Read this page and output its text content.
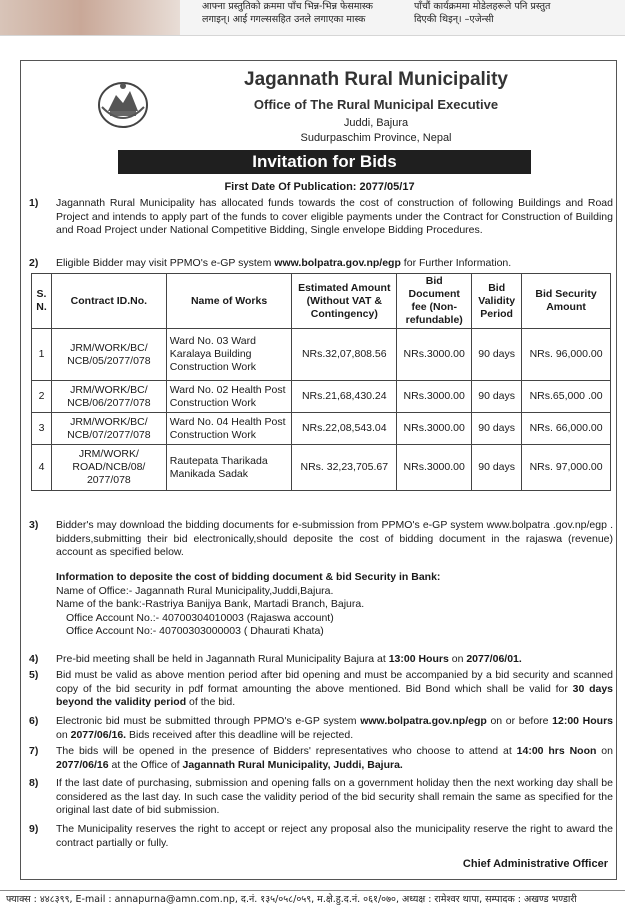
आफ्ना प्रस्तुतिको क्रममा पाँच भिन्न-भिन्न फेसमास्क
लगाइन्। आई गगल्ससहित उनले लगाएका मास्क
पाँचौं कार्यक्रममा मोडेलहरूले पनि प्रस्तुत
दिएकी थिइन्। –एजेन्सी
Jagannath Rural Municipality
Office of The Rural Municipal Executive
Juddi, Bajura
Sudurpaschim Province, Nepal
Invitation for Bids
First Date Of Publication: 2077/05/17
1) Jagannath Rural Municipality has allocated funds towards the cost of construction of following Buildings and Road Project and intends to apply part of the funds to cover eligible payments under the Contract for Construction of Building and Road Project under National Competitive Bidding, Single envelope Bidding Procedures.
2) Eligible Bidder may visit PPMO's e-GP system www.bolpatra.gov.np/egp for Further Information.
S. N.	Contract ID.No.	Name of Works	Estimated Amount (Without VAT & Contingency)	Bid Document fee (Non-refundable)	Bid Validity Period	Bid Security Amount
1	JRM/WORK/BC/ NCB/05/2077/078	Ward No. 03 Ward Karalaya Building Construction Work	NRs.32,07,808.56	NRs.3000.00	90 days	NRs. 96,000.00
2	JRM/WORK/BC/ NCB/06/2077/078	Ward No. 02 Health Post Construction Work	NRs.21,68,430.24	NRs.3000.00	90 days	NRs.65,000 .00
3	JRM/WORK/BC/ NCB/07/2077/078	Ward No. 04 Health Post Construction Work	NRs.22,08,543.04	NRs.3000.00	90 days	NRs. 66,000.00
4	JRM/WORK/ ROAD/NCB/08/ 2077/078	Rautepata Tharikada Manikada Sadak	NRs. 32,23,705.67	NRs.3000.00	90 days	NRs. 97,000.00
3) Bidder's may download the bidding documents for e-submission from PPMO's e-GP system www.bolpatra .gov.np/egp . bidders,submitting their bid electronically,should deposite the cost of bidding document in the rajaswa (revenue) account as specified below.
Information to deposite the cost of bidding document & bid Security in Bank:
Name of Office:- Jagannath Rural Municipality,Juddi,Bajura.
Name of the bank:-Rastriya Banijya Bank, Martadi Branch, Bajura.
Office Account No.:- 40700304010003 (Rajaswa account)
Office Account No:- 40700303000003 ( Dhaurati Khata)
4) Pre-bid meeting shall be held in Jagannath Rural Municipality Bajura at 13:00 Hours on 2077/06/01.
5) Bid must be valid as above mention period after bid opening and must be accompanied by a bid security and scanned copy of the bid security in pdf format amounting the above mentioned. Bid Bond which shall be valid for 30 days beyond the validity period of the bid.
6) Electronic bid must be submitted through PPMO's e-GP system www.bolpatra.gov.np/egp on or before 12:00 Hours on 2077/06/16. Bids received after this deadline will be rejected.
7) The bids will be opened in the presence of Bidders' representatives who choose to attend at 14:00 hrs Noon on 2077/06/16 at the Office of Jagannath Rural Municipality, Juddi, Bajura.
8) If the last date of purchasing, submission and opening falls on a government holiday then the next working day shall be considered as the last day. In such case the validity period of the bid security shall remain the same as specified for the original last date of bid submission.
9) The Municipality reserves the right to accept or reject any proposal also the municipality reserve the right to award the contract partially or fully.
Chief Administrative Officer
फ्याक्स : ४४८३९९, E-mail : annapurna@amn.com.np, द.नं. १३५/०५८/०५९, म.क्षे.हु.द.नं. ०६१/०७०, अध्यक्ष : रामेश्वर थापा, सम्पादक : अखण्ड भण्डारी
